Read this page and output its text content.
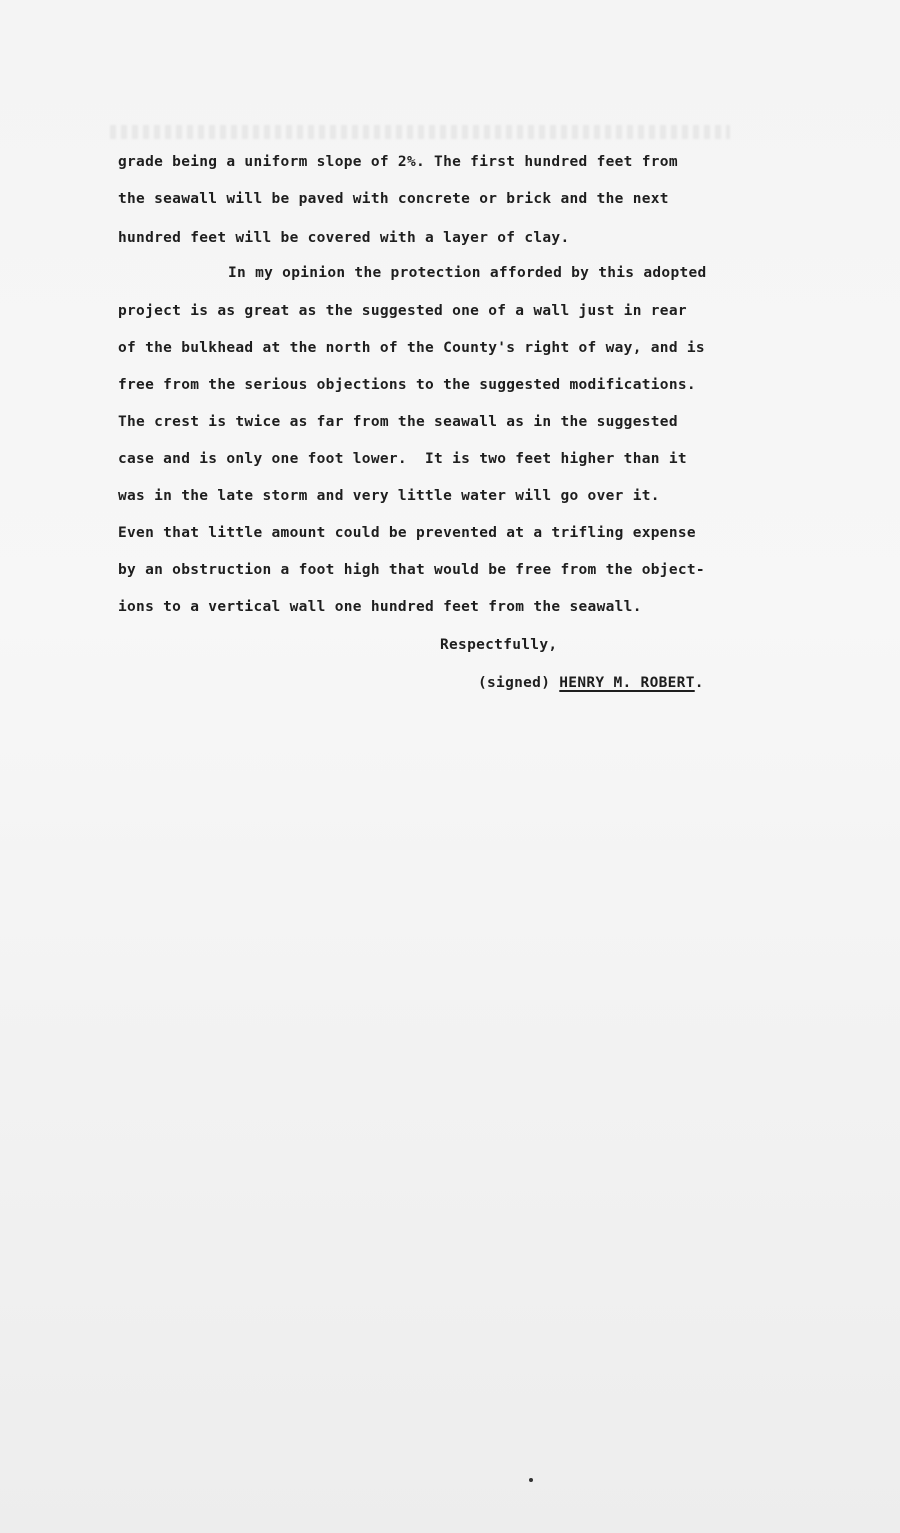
grade being a uniform slope of 2%. The first hundred feet from

the seawall will be paved with concrete or brick and the next

hundred feet will be covered with a layer of clay.

In my opinion the protection afforded by this adopted

project is as great as the suggested one of a wall just in rear

of the bulkhead at the north of the County's right of way, and is

free from the serious objections to the suggested modifications.

The crest is twice as far from the seawall as in the suggested

case and is only one foot lower.  It is two feet higher than it

was in the late storm and very little water will go over it.

Even that little amount could be prevented at a trifling expense

by an obstruction a foot high that would be free from the object-

ions to a vertical wall one hundred feet from the seawall.

Respectfully,

(signed) HENRY M. ROBERT.
